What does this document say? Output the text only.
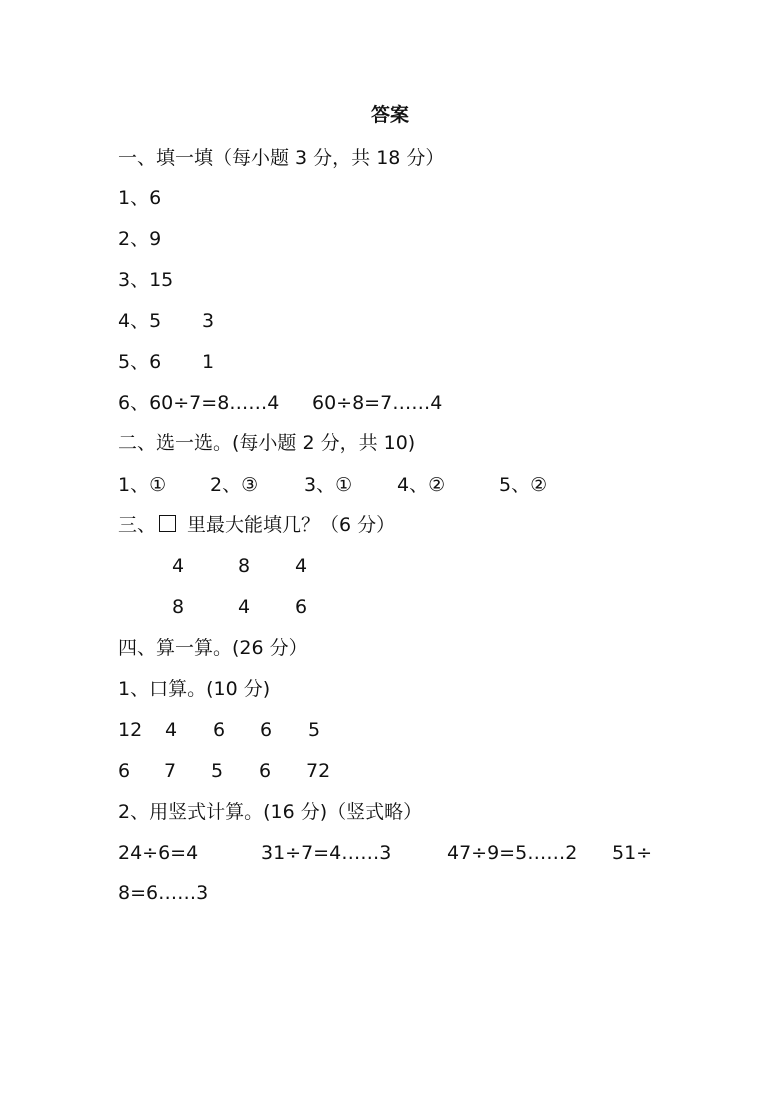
答案
一、填一填（每小题 3 分，共 18 分）
1、6
2、9
3、15
4、5 3
5、6 1
6、60÷7=8……4 60÷8=7……4
二、选一选。(每小题 2 分，共 10)
1、① 2、③ 3、① 4、②	5、②
三、 里最大能填几？（6 分）
4	8 4
8	4 6
四、算一算。(26 分）
1、口算。(10 分)
12 4 6 6 5
6 7 5 6 72
2、用竖式计算。(16 分)（竖式略）
24÷6=4	31÷7=4……3	47÷9=5……2 51÷
8=6……3
